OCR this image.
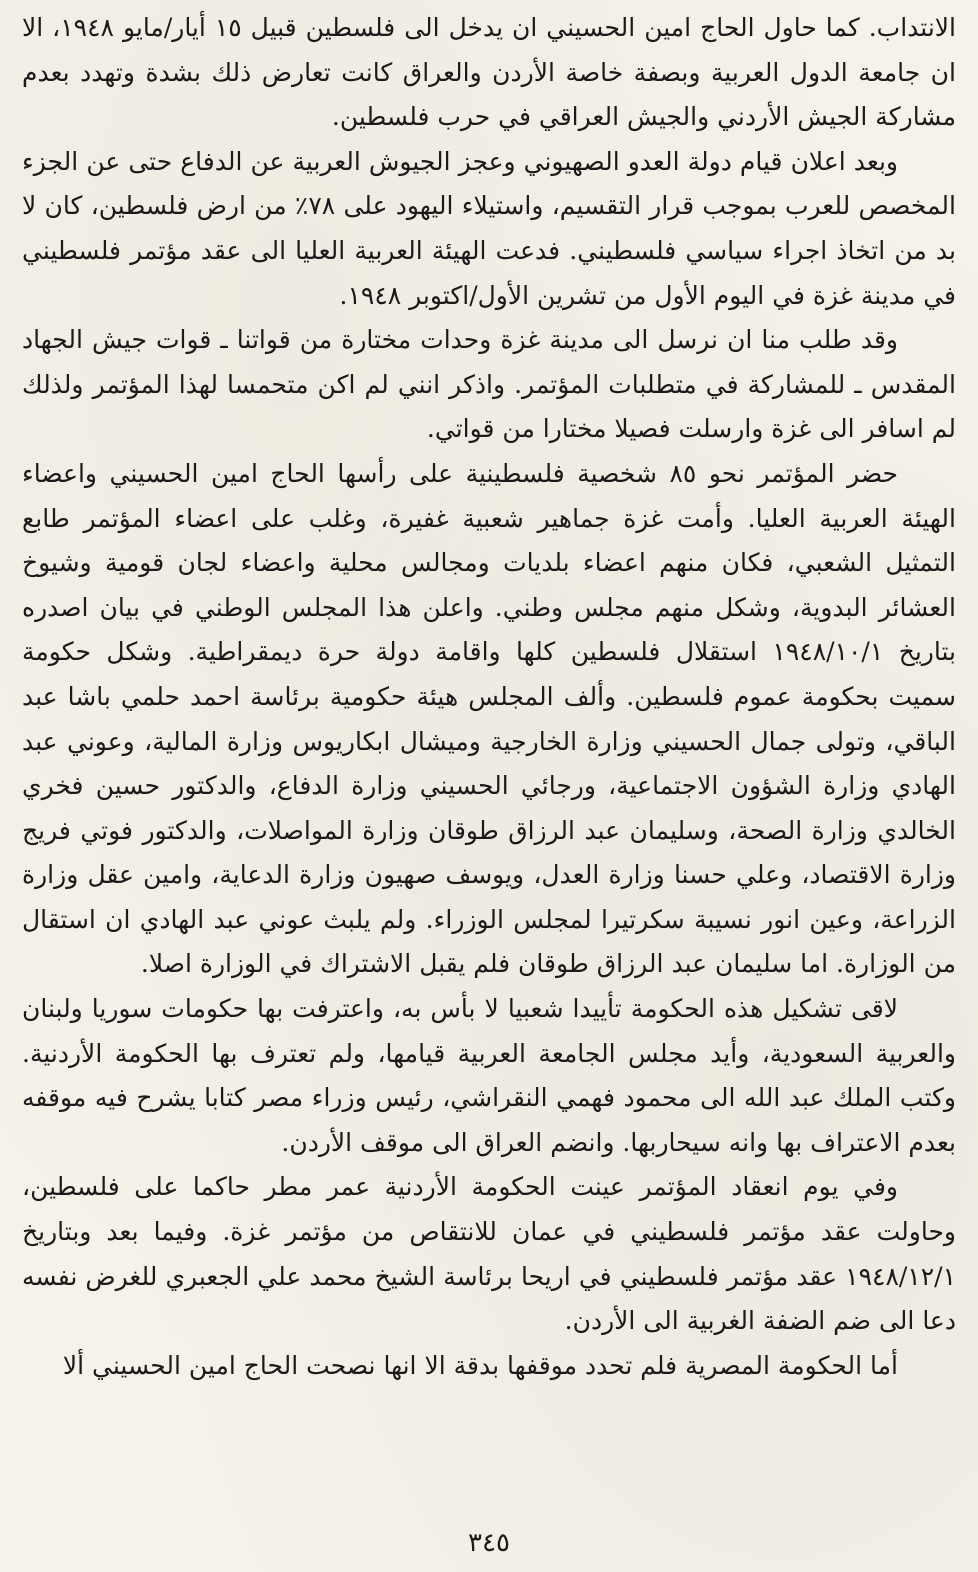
الانتداب. كما حاول الحاج امين الحسيني ان يدخل الى فلسطين قبيل ١٥ أيار/مايو ١٩٤٨، الا ان جامعة الدول العربية وبصفة خاصة الأردن والعراق كانت تعارض ذلك بشدة وتهدد بعدم مشاركة الجيش الأردني والجيش العراقي في حرب فلسطين.

وبعد اعلان قيام دولة العدو الصهيوني وعجز الجيوش العربية عن الدفاع حتى عن الجزء المخصص للعرب بموجب قرار التقسيم، واستيلاء اليهود على ٧٨٪ من ارض فلسطين، كان لا بد من اتخاذ اجراء سياسي فلسطيني. فدعت الهيئة العربية العليا الى عقد مؤتمر فلسطيني في مدينة غزة في اليوم الأول من تشرين الأول/اكتوبر ١٩٤٨.

وقد طلب منا ان نرسل الى مدينة غزة وحدات مختارة من قواتنا ـ قوات جيش الجهاد المقدس ـ للمشاركة في متطلبات المؤتمر. واذكر انني لم اكن متحمسا لهذا المؤتمر ولذلك لم اسافر الى غزة وارسلت فصيلا مختارا من قواتي.

حضر المؤتمر نحو ٨٥ شخصية فلسطينية على رأسها الحاج امين الحسيني واعضاء الهيئة العربية العليا. وأمت غزة جماهير شعبية غفيرة، وغلب على اعضاء المؤتمر طابع التمثيل الشعبي، فكان منهم اعضاء بلديات ومجالس محلية واعضاء لجان قومية وشيوخ العشائر البدوية، وشكل منهم مجلس وطني. واعلن هذا المجلس الوطني في بيان اصدره بتاريخ ١٩٤٨/١٠/١ استقلال فلسطين كلها واقامة دولة حرة ديمقراطية. وشكل حكومة سميت بحكومة عموم فلسطين. وألف المجلس هيئة حكومية برئاسة احمد حلمي باشا عبد الباقي، وتولى جمال الحسيني وزارة الخارجية وميشال ابكاريوس وزارة المالية، وعوني عبد الهادي وزارة الشؤون الاجتماعية، ورجائي الحسيني وزارة الدفاع، والدكتور حسين فخري الخالدي وزارة الصحة، وسليمان عبد الرزاق طوقان وزارة المواصلات، والدكتور فوتي فريج وزارة الاقتصاد، وعلي حسنا وزارة العدل، ويوسف صهيون وزارة الدعاية، وامين عقل وزارة الزراعة، وعين انور نسيبة سكرتيرا لمجلس الوزراء. ولم يلبث عوني عبد الهادي ان استقال من الوزارة. اما سليمان عبد الرزاق طوقان فلم يقبل الاشتراك في الوزارة اصلا.

لاقى تشكيل هذه الحكومة تأييدا شعبيا لا بأس به، واعترفت بها حكومات سوريا ولبنان والعربية السعودية، وأيد مجلس الجامعة العربية قيامها، ولم تعترف بها الحكومة الأردنية. وكتب الملك عبد الله الى محمود فهمي النقراشي، رئيس وزراء مصر كتابا يشرح فيه موقفه بعدم الاعتراف بها وانه سيحاربها. وانضم العراق الى موقف الأردن.

وفي يوم انعقاد المؤتمر عينت الحكومة الأردنية عمر مطر حاكما على فلسطين، وحاولت عقد مؤتمر فلسطيني في عمان للانتقاص من مؤتمر غزة. وفيما بعد وبتاريخ ١٩٤٨/١٢/١ عقد مؤتمر فلسطيني في اريحا برئاسة الشيخ محمد علي الجعبري للغرض نفسه دعا الى ضم الضفة الغربية الى الأردن.

أما الحكومة المصرية فلم تحدد موقفها بدقة الا انها نصحت الحاج امين الحسيني ألا

٣٤٥
